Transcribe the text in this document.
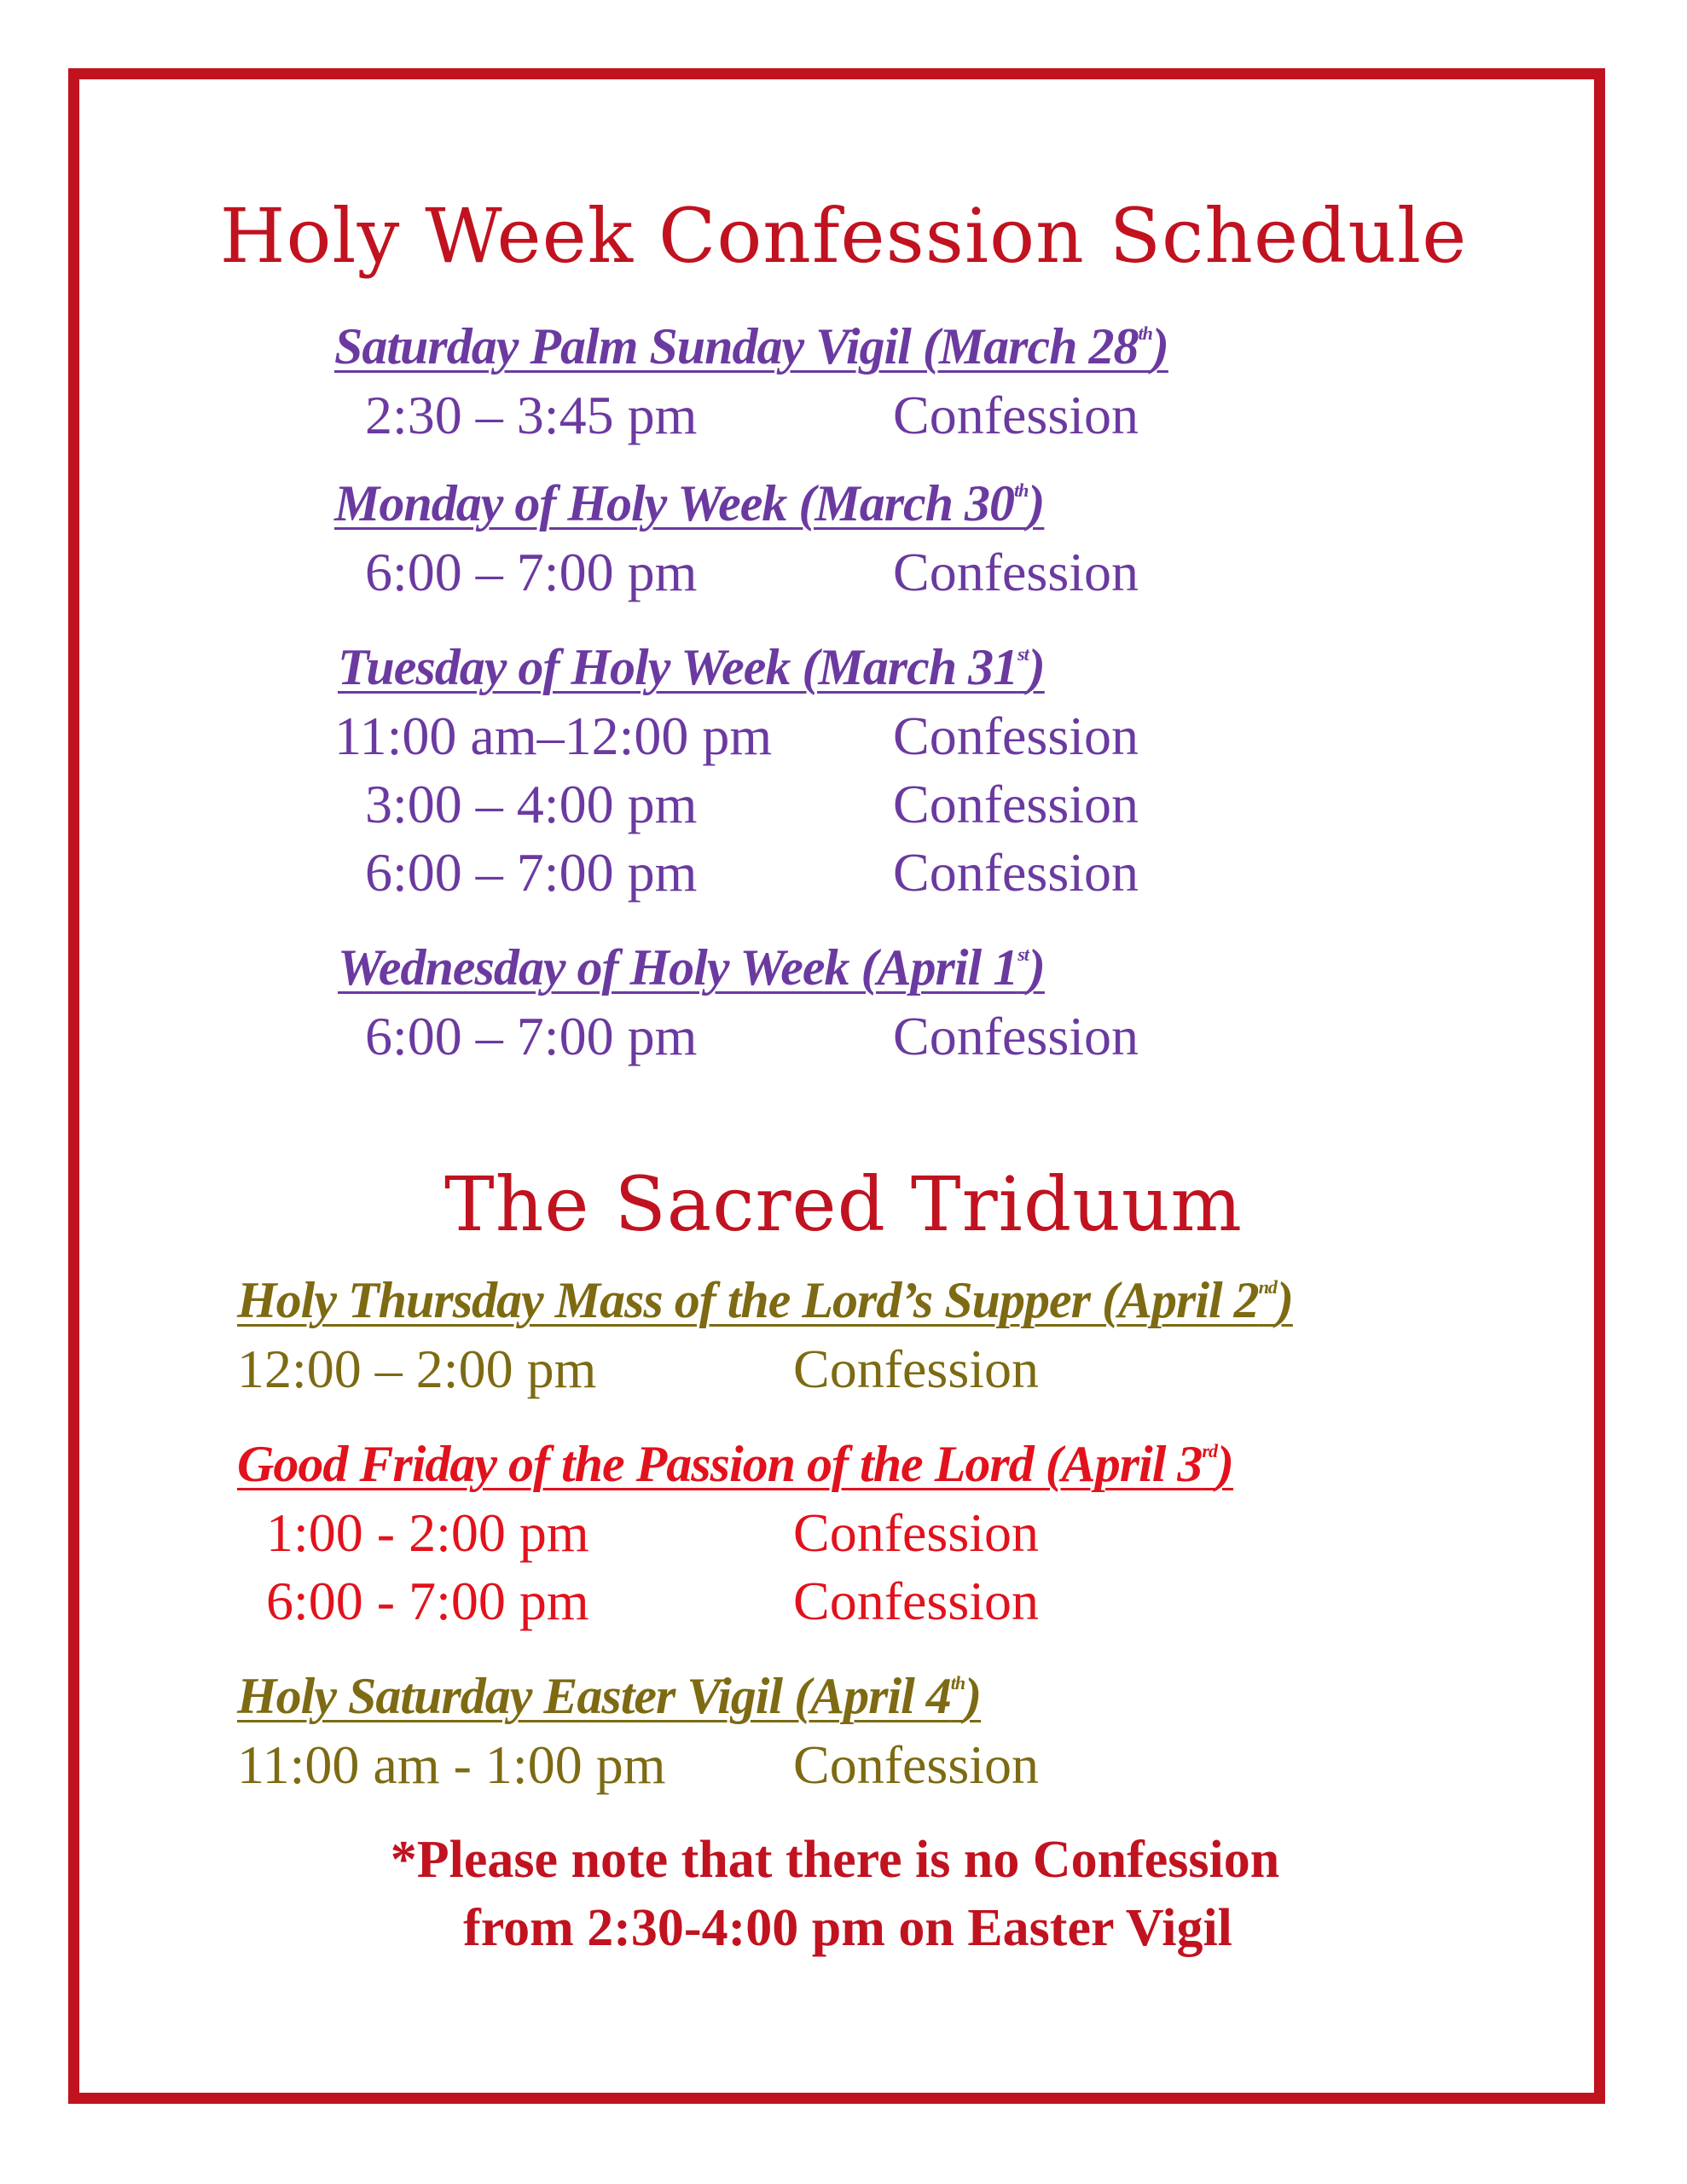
Holy Week Confession Schedule
Saturday Palm Sunday Vigil (March 28th)
2:30 – 3:45 pm	Confession
Monday of Holy Week (March 30th)
6:00 – 7:00 pm	Confession
Tuesday of Holy Week (March 31st)
11:00 am–12:00 pm Confession
3:00 – 4:00 pm	Confession
6:00 – 7:00 pm	Confession
Wednesday of Holy Week (April 1st)
6:00 – 7:00 pm	Confession
The Sacred Triduum
Holy Thursday Mass of the Lord’s Supper (April 2nd)
12:00 – 2:00 pm	Confession
Good Friday of the Passion of the Lord (April 3rd)
1:00 - 2:00 pm	Confession
6:00 - 7:00 pm	Confession
Holy Saturday Easter Vigil (April 4th)
11:00 am - 1:00 pm Confession
*Please note that there is no Confession
from 2:30-4:00 pm on Easter Vigil
